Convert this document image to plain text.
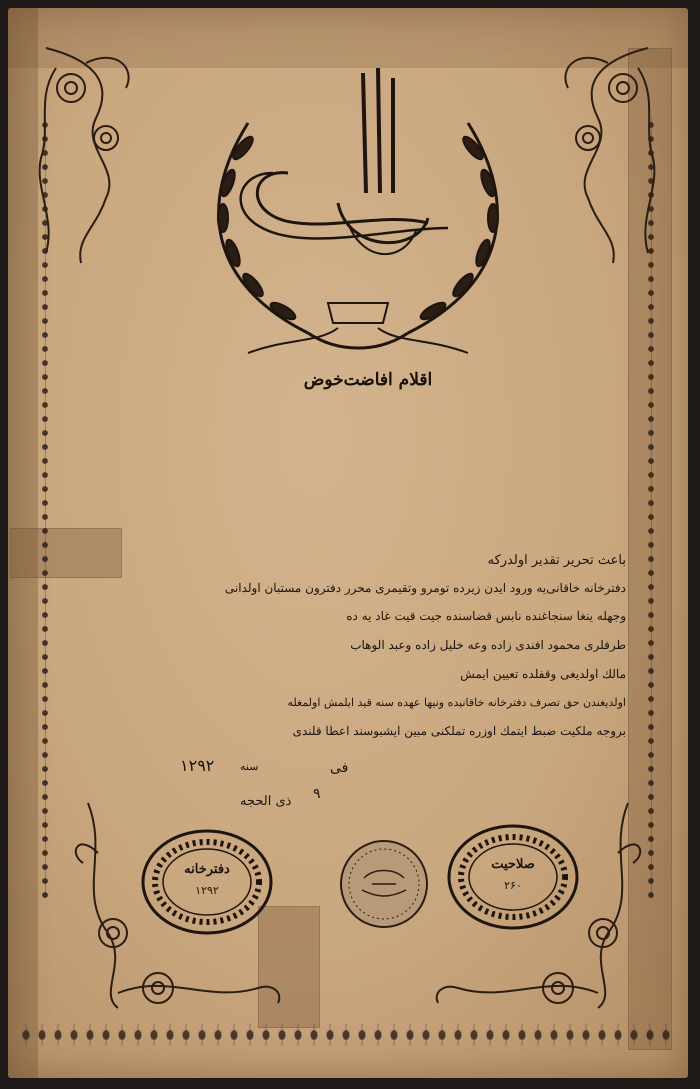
اقلام افاضت‌خوض
باعث تحریر تقدیر اولدرکه
دفترخانه خاقانی‌یه ورود ایدن زیرده تومرو وتقیمری محرر دفترون مستبان اولدانی
وجهله ینغا سنجاغنده نابس قضاسنده جیت قیت غاد یه ده
طرفلری محمود افندی زاده وعه خلیل زاده وعبد الوهاب
مالك اولدیغی وقفلده تعیین ایمش
اولدیغندن حق تصرف دفترخانه خاقانیده ونیها عهده سنه قید ایلمش اولمغله
بروجه ملکیت ضبط ایتمك اوزره تملکنی مبین ایشبوسند اعطا قلندی
فی
سنه
۱۲۹۲
۹
ذی الحجه
دفترخانه
۱۲۹۲
صلاحیت
۲۶۰
